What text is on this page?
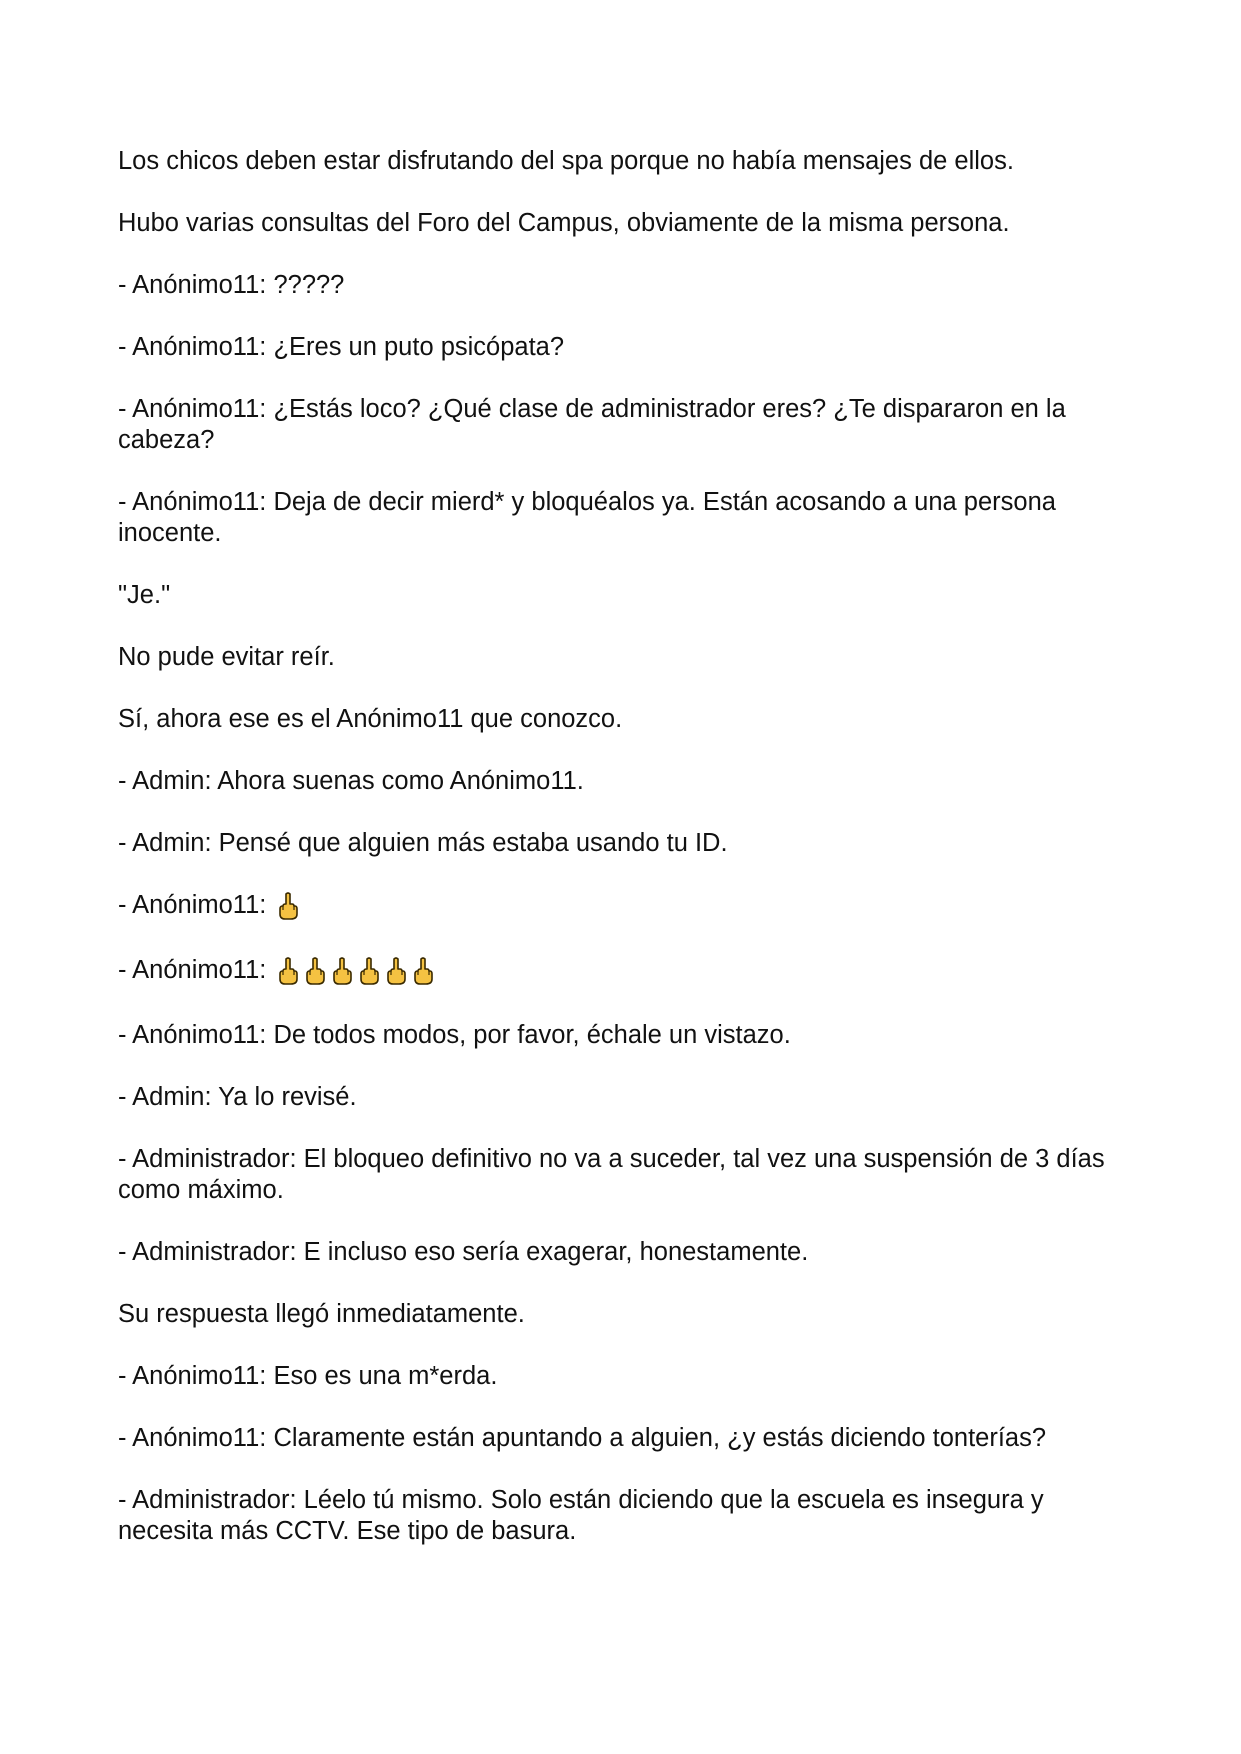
Los chicos deben estar disfrutando del spa porque no había mensajes de ellos.

Hubo varias consultas del Foro del Campus, obviamente de la misma persona.

- Anónimo11: ?????

- Anónimo11: ¿Eres un puto psicópata?

- Anónimo11: ¿Estás loco? ¿Qué clase de administrador eres? ¿Te dispararon en la cabeza?

- Anónimo11: Deja de decir mierd* y bloquéalos ya. Están acosando a una persona inocente.

"Je."

No pude evitar reír.

Sí, ahora ese es el Anónimo11 que conozco.

- Admin: Ahora suenas como Anónimo11.

- Admin: Pensé que alguien más estaba usando tu ID.

- Anónimo11:
- Anónimo11:

- Anónimo11: De todos modos, por favor, échale un vistazo.

- Admin: Ya lo revisé.

- Administrador: El bloqueo definitivo no va a suceder, tal vez una suspensión de 3 días como máximo.

- Administrador: E incluso eso sería exagerar, honestamente.

Su respuesta llegó inmediatamente.

- Anónimo11: Eso es una m*erda.

- Anónimo11: Claramente están apuntando a alguien, ¿y estás diciendo tonterías?

- Administrador: Léelo tú mismo. Solo están diciendo que la escuela es insegura y necesita más CCTV. Ese tipo de basura.
